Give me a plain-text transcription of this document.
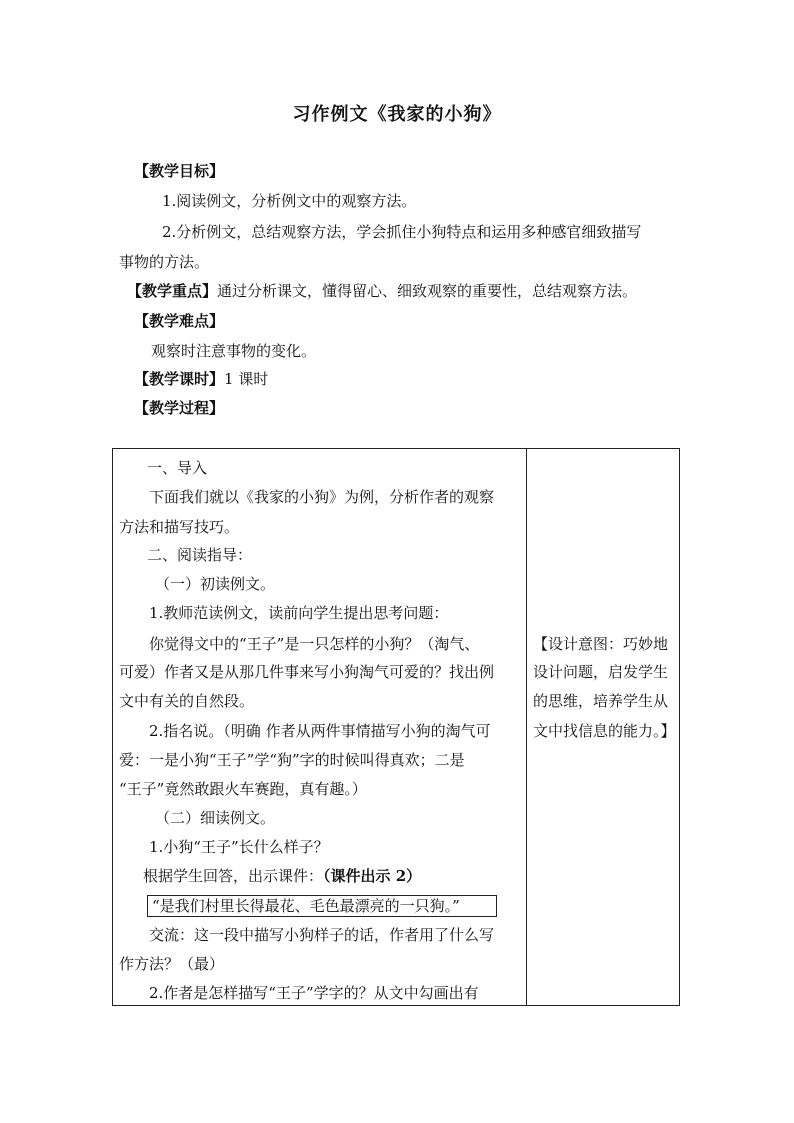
习作例文《我家的小狗》
【教学目标】
1.阅读例文，分析例文中的观察方法。
2.分析例文，总结观察方法，学会抓住小狗特点和运用多种感官细致描写
事物的方法。
【教学重点】通过分析课文，懂得留心、细致观察的重要性，总结观察方法。
【教学难点】
观察时注意事物的变化。
【教学课时】1 课时
【教学过程】
一、导入
下面我们就以《我家的小狗》为例，分析作者的观察
方法和描写技巧。
二、阅读指导：
（一）初读例文。
1.教师范读例文，读前向学生提出思考问题：
你觉得文中的“王子”是一只怎样的小狗？（淘气、
可爱）作者又是从那几件事来写小狗淘气可爱的？找出例
文中有关的自然段。
2.指名说。（明确 作者从两件事情描写小狗的淘气可
爱：一是小狗“王子”学“狗”字的时候叫得真欢；二是
“王子”竟然敢跟火车赛跑，真有趣。）
（二）细读例文。
1.小狗“王子”长什么样子？
根据学生回答，出示课件：（课件出示 2）
“是我们村里长得最花、毛色最漂亮的一只狗。”
交流：这一段中描写小狗样子的话，作者用了什么写
作方法？（最）
2.作者是怎样描写“王子”学字的？从文中勾画出有
【设计意图：巧妙地
设计问题，启发学生
的思维，培养学生从
文中找信息的能力。】
